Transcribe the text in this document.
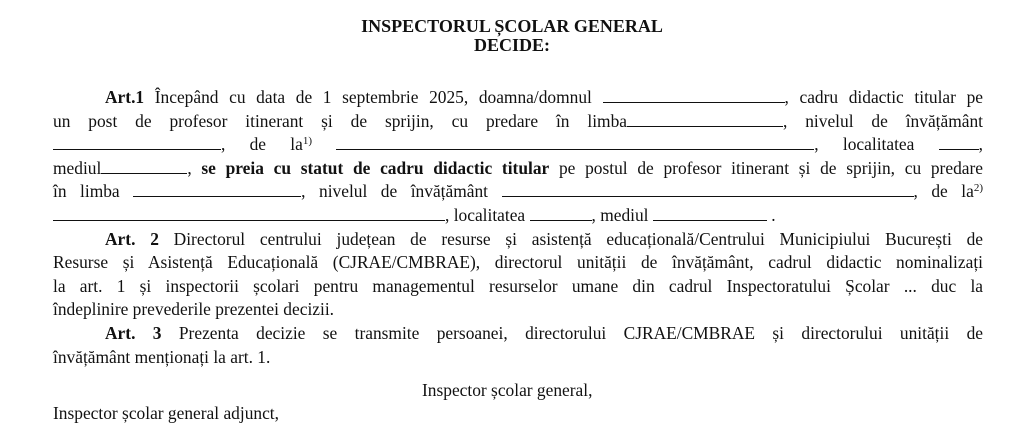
INSPECTORUL ȘCOLAR GENERAL
DECIDE:
Art.1 Începând cu data de 1 septembrie 2025, doamna/domnul	, cadru didactic titular pe
un post de profesor itinerant și de sprijin, cu predare în limba	, nivelul de învățământ
, de $la^{1)}$	, localitatea	,
mediul	, se preia cu statut de cadru didactic titular pe postul de profesor itinerant și de sprijin, cu predare
în limba	, nivelul de învățământ	, de $la^{2)}$
, localitatea	, mediul	.
Art. 2 Directorul centrului județean de resurse și asistență educațională/Centrului Municipiului București de
Resurse și Asistență Educațională (CJRAE/CMBRAE), directorul unității de învățământ, cadrul didactic nominalizați
la art. 1 și inspectorii școlari pentru managementul resurselor umane din cadrul Inspectoratului Școlar ... duc la
îndeplinire prevederile prezentei decizii.
Art. 3 Prezenta decizie se transmite persoanei, directorului CJRAE/CMBRAE și directorului unității de
învățământ menționați la art. 1.
Inspector școlar general,
Inspector școlar general adjunct,
